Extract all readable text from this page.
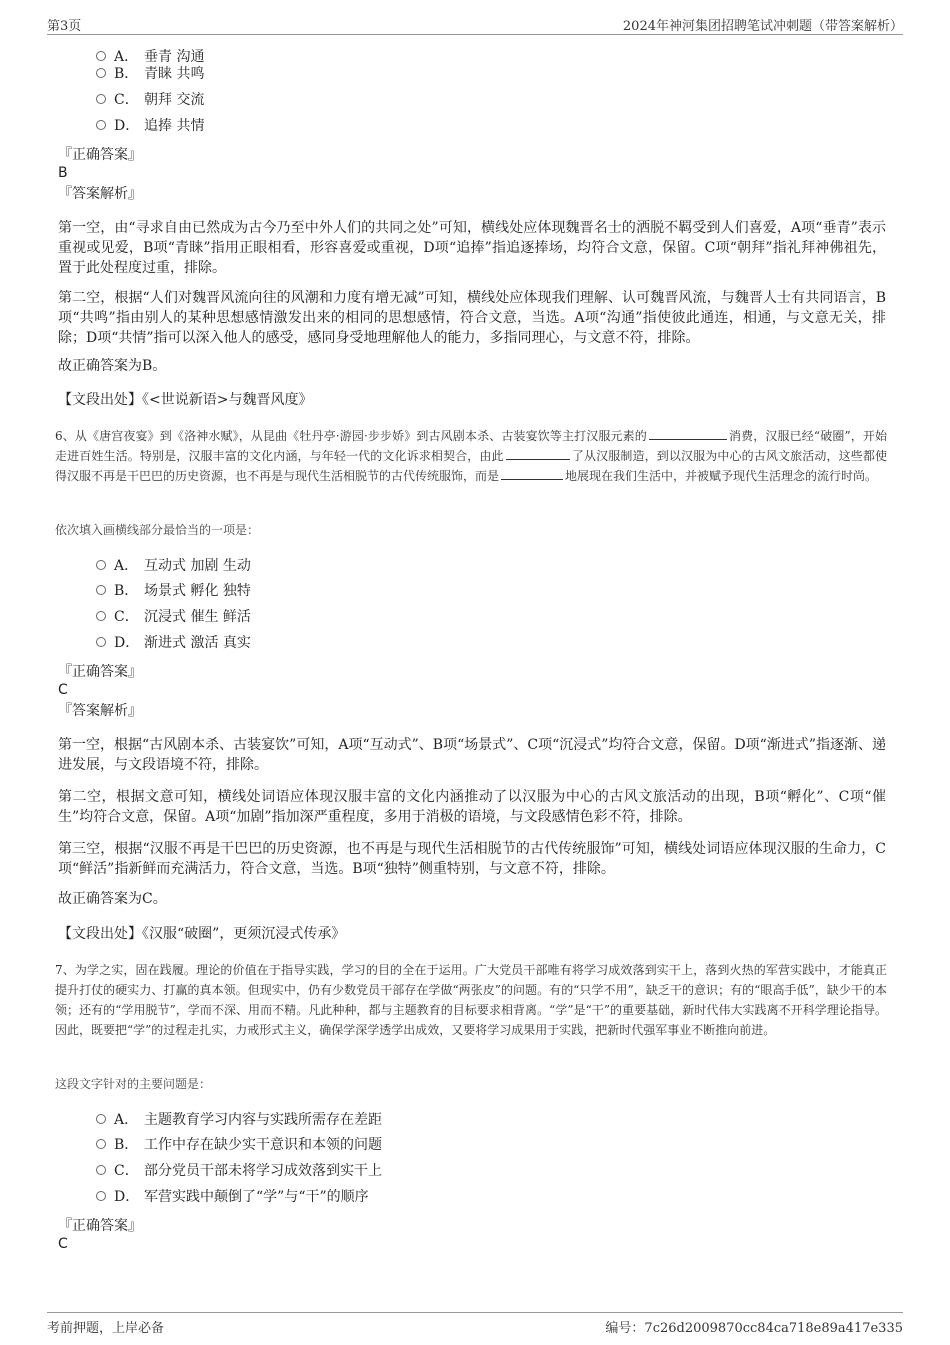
第3页	2024年神河集团招聘笔试冲刺题（带答案解析）
A． 垂青 沟通
B． 青睐 共鸣
C． 朝拜 交流
D． 追捧 共情
『正确答案』
B
『答案解析』
第一空，由“寻求自由已然成为古今乃至中外人们的共同之处”可知，横线处应体现魏晋名士的洒脱不羁受到人们喜爱，A项“垂青”表示重视或见爱，B项“青睐”指用正眼相看，形容喜爱或重视，D项“追捧”指追逐捧场，均符合文意，保留。C项“朝拜”指礼拜神佛祖先，置于此处程度过重，排除。
第二空，根据“人们对魏晋风流向往的风潮和力度有增无减”可知，横线处应体现我们理解、认可魏晋风流，与魏晋人士有共同语言，B项“共鸣”指由别人的某种思想感情激发出来的相同的思想感情，符合文意，当选。A项“沟通”指使彼此通连，相通，与文意无关，排除；D项“共情”指可以深入他人的感受，感同身受地理解他人的能力，多指同理心，与文意不符，排除。
故正确答案为B。
【文段出处】《<世说新语>与魏晋风度》
6、从《唐宫夜宴》到《洛神水赋》，从昆曲《牡丹亭·游园·步步娇》到古风剧本杀、古装宴饮等主打汉服元素的	消费，汉服已经“破圈”，开始走进百姓生活。特别是，汉服丰富的文化内涵，与年轻一代的文化诉求相契合，由此	了从汉服制造，到以汉服为中心的古风文旅活动，这些都使得汉服不再是干巴巴的历史资源，也不再是与现代生活相脱节的古代传统服饰，而是	地展现在我们生活中，并被赋予现代生活理念的流行时尚。
依次填入画横线部分最恰当的一项是：
A． 互动式 加剧 生动
B． 场景式 孵化 独特
C． 沉浸式 催生 鲜活
D． 渐进式 激活 真实
『正确答案』
C
『答案解析』
第一空，根据“古风剧本杀、古装宴饮”可知，A项“互动式”、B项“场景式”、C项“沉浸式”均符合文意，保留。D项“渐进式”指逐渐、递进发展，与文段语境不符，排除。
第二空，根据文意可知，横线处词语应体现汉服丰富的文化内涵推动了以汉服为中心的古风文旅活动的出现，B项“孵化”、C项“催生”均符合文意，保留。A项“加剧”指加深严重程度，多用于消极的语境，与文段感情色彩不符，排除。
第三空，根据“汉服不再是干巴巴的历史资源，也不再是与现代生活相脱节的古代传统服饰”可知，横线处词语应体现汉服的生命力，C项“鲜活”指新鲜而充满活力，符合文意，当选。B项“独特”侧重特别，与文意不符，排除。
故正确答案为C。
【文段出处】《汉服“破圈”，更须沉浸式传承》
7、为学之实，固在践履。理论的价值在于指导实践，学习的目的全在于运用。广大党员干部唯有将学习成效落到实干上，落到火热的军营实践中，才能真正提升打仗的硬实力、打赢的真本领。但现实中，仍有少数党员干部存在学做“两张皮”的问题。有的“只学不用”，缺乏干的意识；有的“眼高手低”，缺少干的本领；还有的“学用脱节”，学而不深、用而不精。凡此种种，都与主题教育的目标要求相背离。“学”是“干”的重要基础，新时代伟大实践离不开科学理论指导。因此，既要把“学”的过程走扎实，力戒形式主义，确保学深学透学出成效，又要将学习成果用于实践，把新时代强军事业不断推向前进。
这段文字针对的主要问题是：
A． 主题教育学习内容与实践所需存在差距
B． 工作中存在缺少实干意识和本领的问题
C． 部分党员干部未将学习成效落到实干上
D． 军营实践中颠倒了“学”与“干”的顺序
『正确答案』
C
考前押题，上岸必备	编号：7c26d2009870cc84ca718e89a417e335
